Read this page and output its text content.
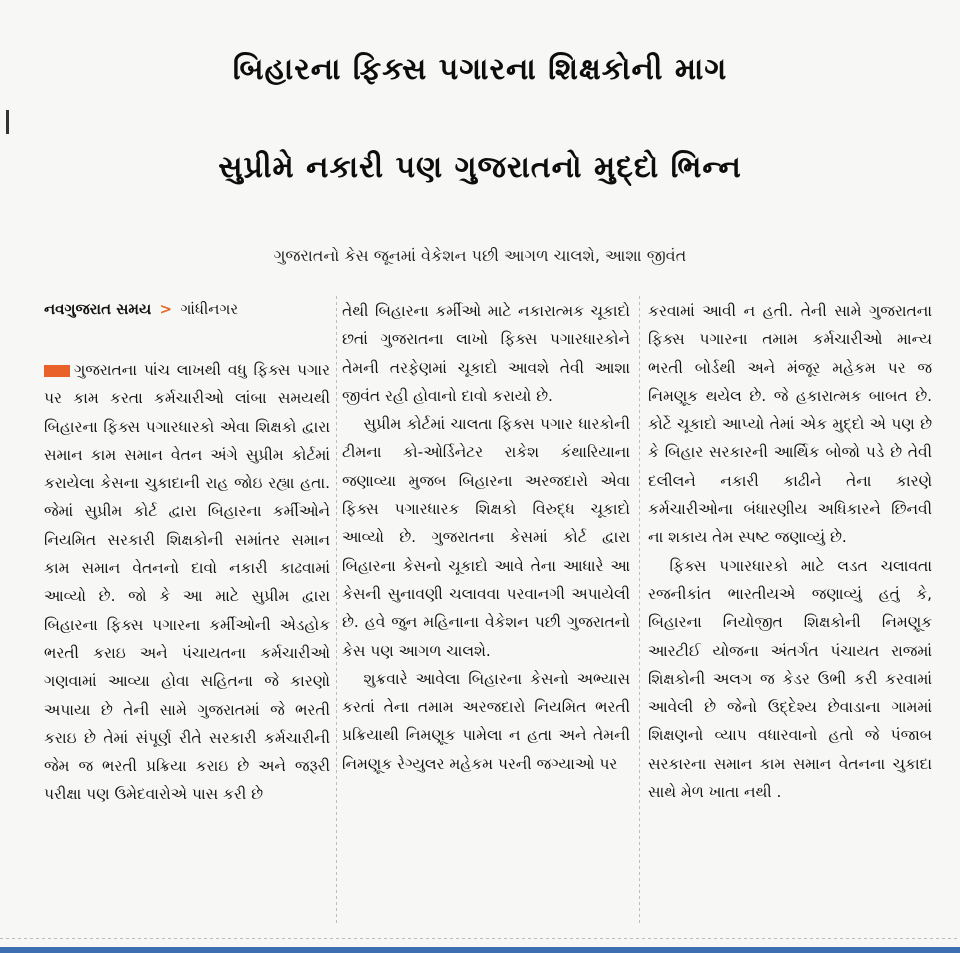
બિહારના ફિક્સ પગારના શિક્ષકોની માગ
સુપ્રીમે નકારી પણ ગુજરાતનો મુદ્દો ભિન્ન
ગુજરાતનો કેસ જૂનમાં વેકેશન પછી આગળ ચાલશે, આશા જીવંત
નવગુજરાત સમય > ગાંધીનગર

ગુજરાતના પાંચ લાખથી વધુ ફિક્સ પગાર પર કામ કરતા કર્મચારીઓ લાંબા સમયથી બિહારના ફિક્સ પગારધારકો એવા શિક્ષકો દ્વારા સમાન કામ સમાન વેતન અંગે સુપ્રીમ કોર્ટમાં કરાયેલા કેસના ચુકાદાની રાહ જોઇ રહ્યા હતા. જેમાં સુપ્રીમ કોર્ટ દ્વારા બિહારના કર્મીઓને નિયમિત સરકારી શિક્ષકોની સમાંતર સમાન કામ સમાન વેતનનો દાવો નકારી કાઢવામાં આવ્યો છે. જો કે આ માટે સુપ્રીમ દ્વારા બિહારના ફિક્સ પગારના કર્મીઓની એડહોક ભરતી કરાઇ અને પંચાયતના કર્મચારીઓ ગણવામાં આવ્યા હોવા સહિતના જે કારણો અપાયા છે તેની સામે ગુજરાતમાં જે ભરતી કરાઇ છે તેમાં સંપૂર્ણ રીતે સરકારી કર્મચારીની જેમ જ ભરતી પ્રક્રિયા કરાઇ છે અને જરૂરી પરીક્ષા પણ ઉમેદવારોએ પાસ કરી છે

તેથી બિહારના કર્મીઓ માટે નકારાત્મક ચૂકાદો છતાં ગુજરાતના લાખો ફિક્સ પગારધારકોને તેમની તરફેણમાં ચૂકાદો આવશે તેવી આશા જીવંત રહી હોવાનો દાવો કરાયો છે.

સુપ્રીમ કોર્ટમાં ચાલતા ફિક્સ પગાર ધારકોની ટીમના કો-ઓર્ડિનેટર રાકેશ કંથારિયાના જણાવ્યા મુજબ બિહારના અરજદારો એવા ફિક્સ પગારધારક શિક્ષકો વિરુદ્ધ ચૂકાદો આવ્યો છે. ગુજરાતના કેસમાં કોર્ટ દ્વારા બિહારના કેસનો ચૂકાદો આવે તેના આધારે આ કેસની સુનાવણી ચલાવવા પરવાનગી અપાયેલી છે. હવે જુન મહિનાના વેકેશન પછી ગુજરાતનો કેસ પણ આગળ ચાલશે.

શુક્રવારે આવેલા બિહારના કેસનો અભ્યાસ કરતાં તેના તમામ અરજદારો નિયમિત ભરતી પ્રક્રિયાથી નિમણૂક પામેલા ન હતા અને તેમની નિમણૂક રેગ્યુલર મહેકમ પરની જગ્યાઓ પર

કરવામાં આવી ન હતી. તેની સામે ગુજરાતના ફિક્સ પગારના તમામ કર્મચારીઓ માન્ય ભરતી બોર્ડથી અને મંજૂર મહેકમ પર જ નિમણૂક થયેલ છે. જે હકારાત્મક બાબત છે. કોર્ટે ચૂકાદો આપ્યો તેમાં એક મુદ્દો એ પણ છે કે બિહાર સરકારની આર્થિક બોજો પડે છે તેવી દલીલને નકારી કાઢીને તેના કારણે કર્મચારીઓના બંધારણીય અધિકારને છિનવી ના શકાય તેમ સ્પષ્ટ જણાવ્યું છે.

ફિક્સ પગારધારકો માટે લડત ચલાવતા રજનીકાંત ભારતીયએ જણાવ્યું હતું કે, બિહારના નિયોજીત શિક્ષકોની નિમણૂક આરટીઈ યોજના અંતર્ગત પંચાયત રાજમાં શિક્ષકોની અલગ જ કેડર ઉભી કરી કરવામાં આવેલી છે જેનો ઉદ્દેશ્ય છેવાડાના ગામમાં શિક્ષણનો વ્યાપ વધારવાનો હતો જે પંજાબ સરકારના સમાન કામ સમાન વેતનના ચુકાદા સાથે મેળ ખાતા નથી .
